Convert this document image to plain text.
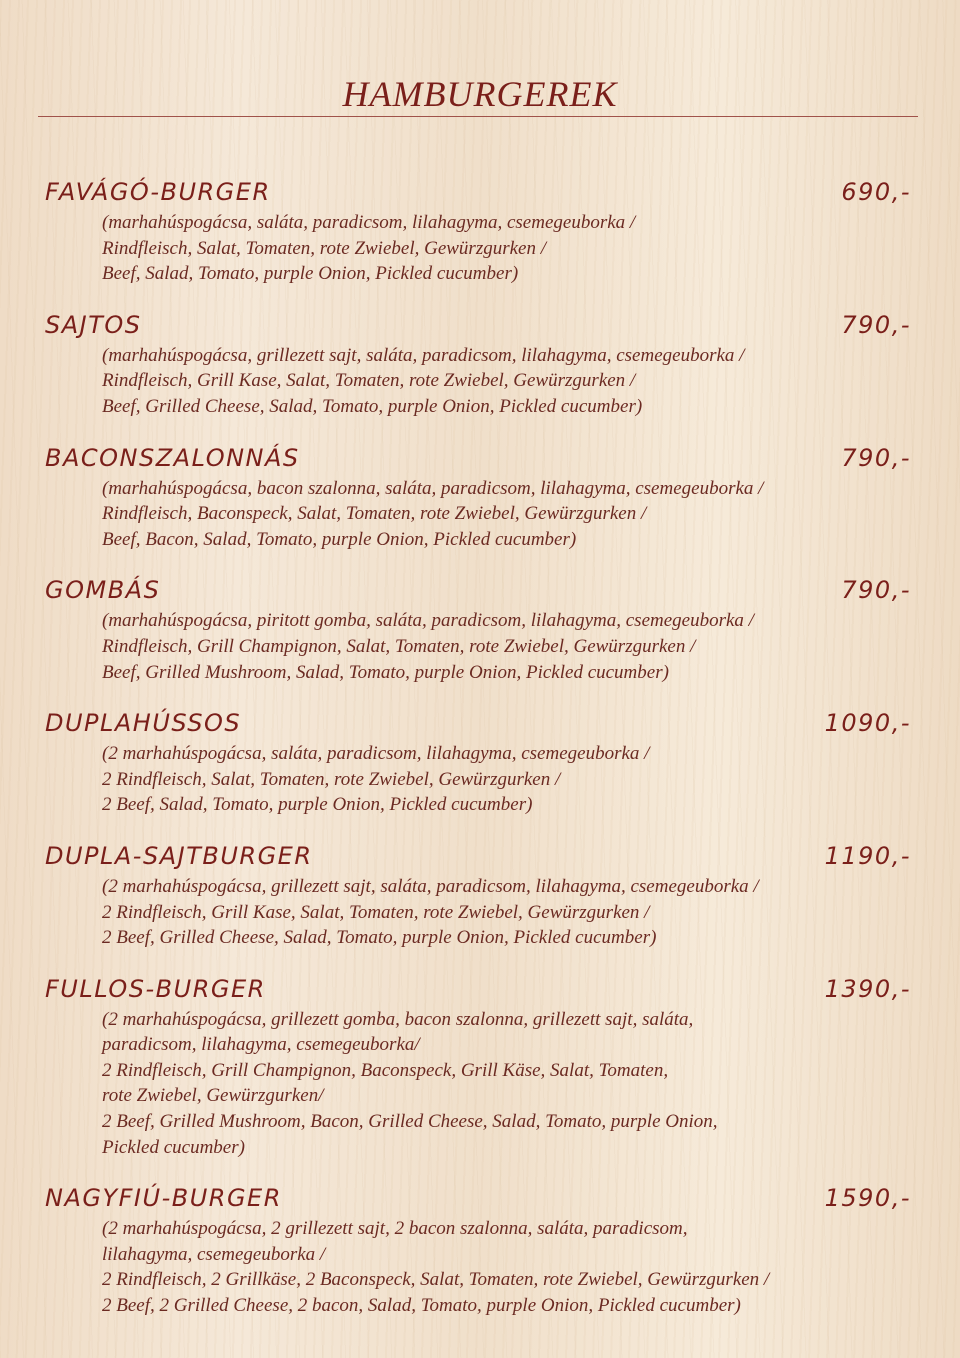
HAMBURGEREK
FAVÁGÓ-BURGER	690,-
(marhahúspogácsa, saláta, paradicsom, lilahagyma, csemegeuborka /
Rindfleisch, Salat, Tomaten, rote Zwiebel, Gewürzgurken /
Beef, Salad, Tomato, purple Onion, Pickled cucumber)
SAJTOS	790,-
(marhahúspogácsa, grillezett sajt, saláta, paradicsom, lilahagyma, csemegeuborka /
Rindfleisch, Grill Kase, Salat, Tomaten, rote Zwiebel, Gewürzgurken /
Beef, Grilled Cheese, Salad, Tomato, purple Onion, Pickled cucumber)
BACONSZALONNÁS	790,-
(marhahúspogácsa, bacon szalonna, saláta, paradicsom, lilahagyma, csemegeuborka /
Rindfleisch, Baconspeck, Salat, Tomaten, rote Zwiebel, Gewürzgurken /
Beef, Bacon, Salad, Tomato, purple Onion, Pickled cucumber)
GOMBÁS	790,-
(marhahúspogácsa, piritott gomba, saláta, paradicsom, lilahagyma, csemegeuborka /
Rindfleisch, Grill Champignon, Salat, Tomaten, rote Zwiebel, Gewürzgurken /
Beef, Grilled Mushroom, Salad, Tomato, purple Onion, Pickled cucumber)
DUPLAHÚSSOS	1090,-
(2 marhahúspogácsa, saláta, paradicsom, lilahagyma, csemegeuborka /
2 Rindfleisch, Salat, Tomaten, rote Zwiebel, Gewürzgurken /
2 Beef, Salad, Tomato, purple Onion, Pickled cucumber)
DUPLA-SAJTBURGER	1190,-
(2 marhahúspogácsa, grillezett sajt, saláta, paradicsom, lilahagyma, csemegeuborka /
2 Rindfleisch, Grill Kase, Salat, Tomaten, rote Zwiebel, Gewürzgurken /
2 Beef, Grilled Cheese, Salad, Tomato, purple Onion, Pickled cucumber)
FULLOS-BURGER	1390,-
(2 marhahúspogácsa, grillezett gomba, bacon szalonna, grillezett sajt, saláta,
paradicsom, lilahagyma, csemegeuborka/
2 Rindfleisch, Grill Champignon, Baconspeck, Grill Käse, Salat, Tomaten,
rote Zwiebel, Gewürzgurken/
2 Beef, Grilled Mushroom, Bacon, Grilled Cheese, Salad, Tomato, purple Onion,
Pickled cucumber)
NAGYFIÚ-BURGER	1590,-
(2 marhahúspogácsa, 2 grillezett sajt, 2 bacon szalonna, saláta, paradicsom,
lilahagyma, csemegeuborka /
2 Rindfleisch, 2 Grillkäse, 2 Baconspeck, Salat, Tomaten, rote Zwiebel, Gewürzgurken /
2 Beef, 2 Grilled Cheese, 2 bacon, Salad, Tomato, purple Onion, Pickled cucumber)
